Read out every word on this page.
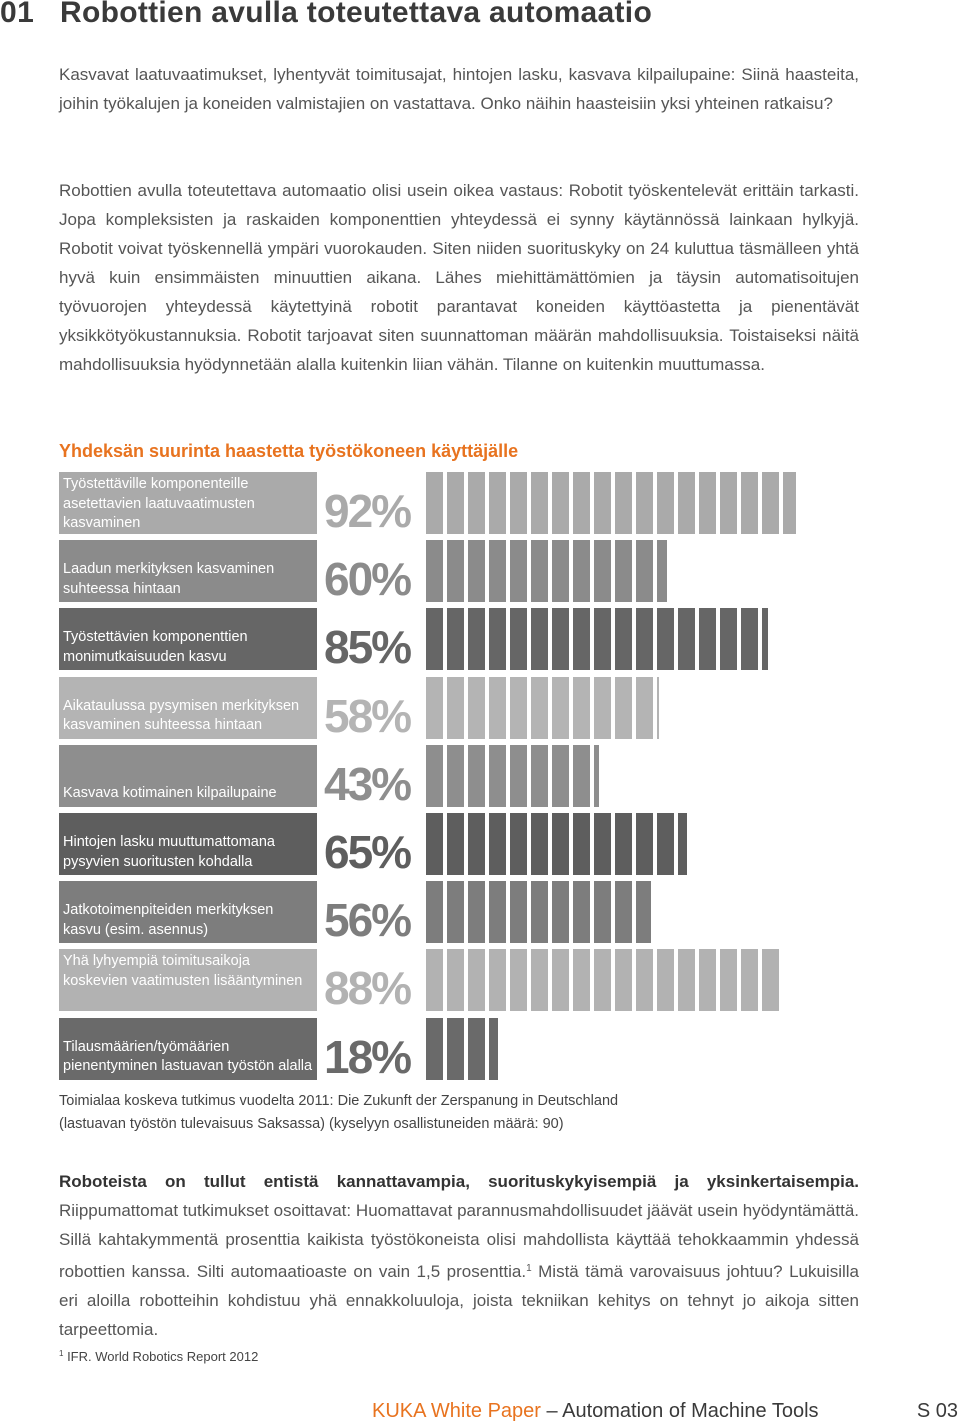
01 Robottien avulla toteutettava automaatio

Kasvavat laatuvaatimukset, lyhentyvät toimitusajat, hintojen lasku, kasvava kilpailupaine: Siinä haasteita, joihin työkalujen ja koneiden valmistajien on vastattava. Onko näihin haasteisiin yksi yhteinen ratkaisu?

Robottien avulla toteutettava automaatio olisi usein oikea vastaus: Robotit työskentelevät erittäin tarkasti. Jopa kompleksisten ja raskaiden komponenttien yhteydessä ei synny käytännössä lainkaan hylkyjä. Robotit voivat työskennellä ympäri vuorokauden. Siten niiden suorituskyky on 24 kuluttua täsmälleen yhtä hyvä kuin ensimmäisten minuuttien aikana. Lähes miehittämättömien ja täysin automatisoitujen työvuorojen yhteydessä käytettyinä robotit parantavat koneiden käyttöastetta ja pienentävät yksikkötyökustannuksia. Robotit tarjoavat siten suunnattoman määrän mahdollisuuksia. Toistaiseksi näitä mahdollisuuksia hyödynnetään alalla kuitenkin liian vähän. Tilanne on kuitenkin muuttumassa.

Yhdeksän suurinta haastetta työstökoneen käyttäjälle
Työstettäville komponenteille asetettavien laatuvaatimusten kasvaminen	92%
Laadun merkityksen kasvaminen suhteessa hintaan	60%
Työstettävien komponenttien monimutkaisuuden kasvu	85%
Aikataulussa pysymisen merkityksen kasvaminen suhteessa hintaan	58%
Kasvava kotimainen kilpailupaine 43%
Hintojen lasku muuttumattomana pysyvien suoritusten kohdalla	65%
Jatkotoimenpiteiden merkityksen kasvu (esim. asennus)	56%
Yhä lyhyempiä toimitusaikoja koskevien vaatimusten lisääntyminen 88%
Tilausmäärien/työmäärien pienentyminen lastuavan työstön alalla 18%
Toimialaa koskeva tutkimus vuodelta 2011: Die Zukunft der Zerspanung in Deutschland
(lastuavan työstön tulevaisuus Saksassa) (kyselyyn osallistuneiden määrä: 90)

Roboteista on tullut entistä kannattavampia, suorituskykyisempiä ja yksinkertaisempia. Riippumattomat tutkimukset osoittavat: Huomattavat parannusmahdollisuudet jäävät usein hyödyntämättä. Sillä kahtakymmentä prosenttia kaikista työstökoneista olisi mahdollista käyttää tehokkaammin yhdessä robottien kanssa. Silti automaatioaste on vain 1,5 prosenttia.$^1$ Mistä tämä varovaisuus johtuu? Lukuisilla eri aloilla robotteihin kohdistuu yhä ennakkoluuloja, joista tekniikan kehitys on tehnyt jo aikoja sitten tarpeettomia.

$^1$ IFR. World Robotics Report 2012
KUKA White Paper – Automation of Machine Tools	S 03
